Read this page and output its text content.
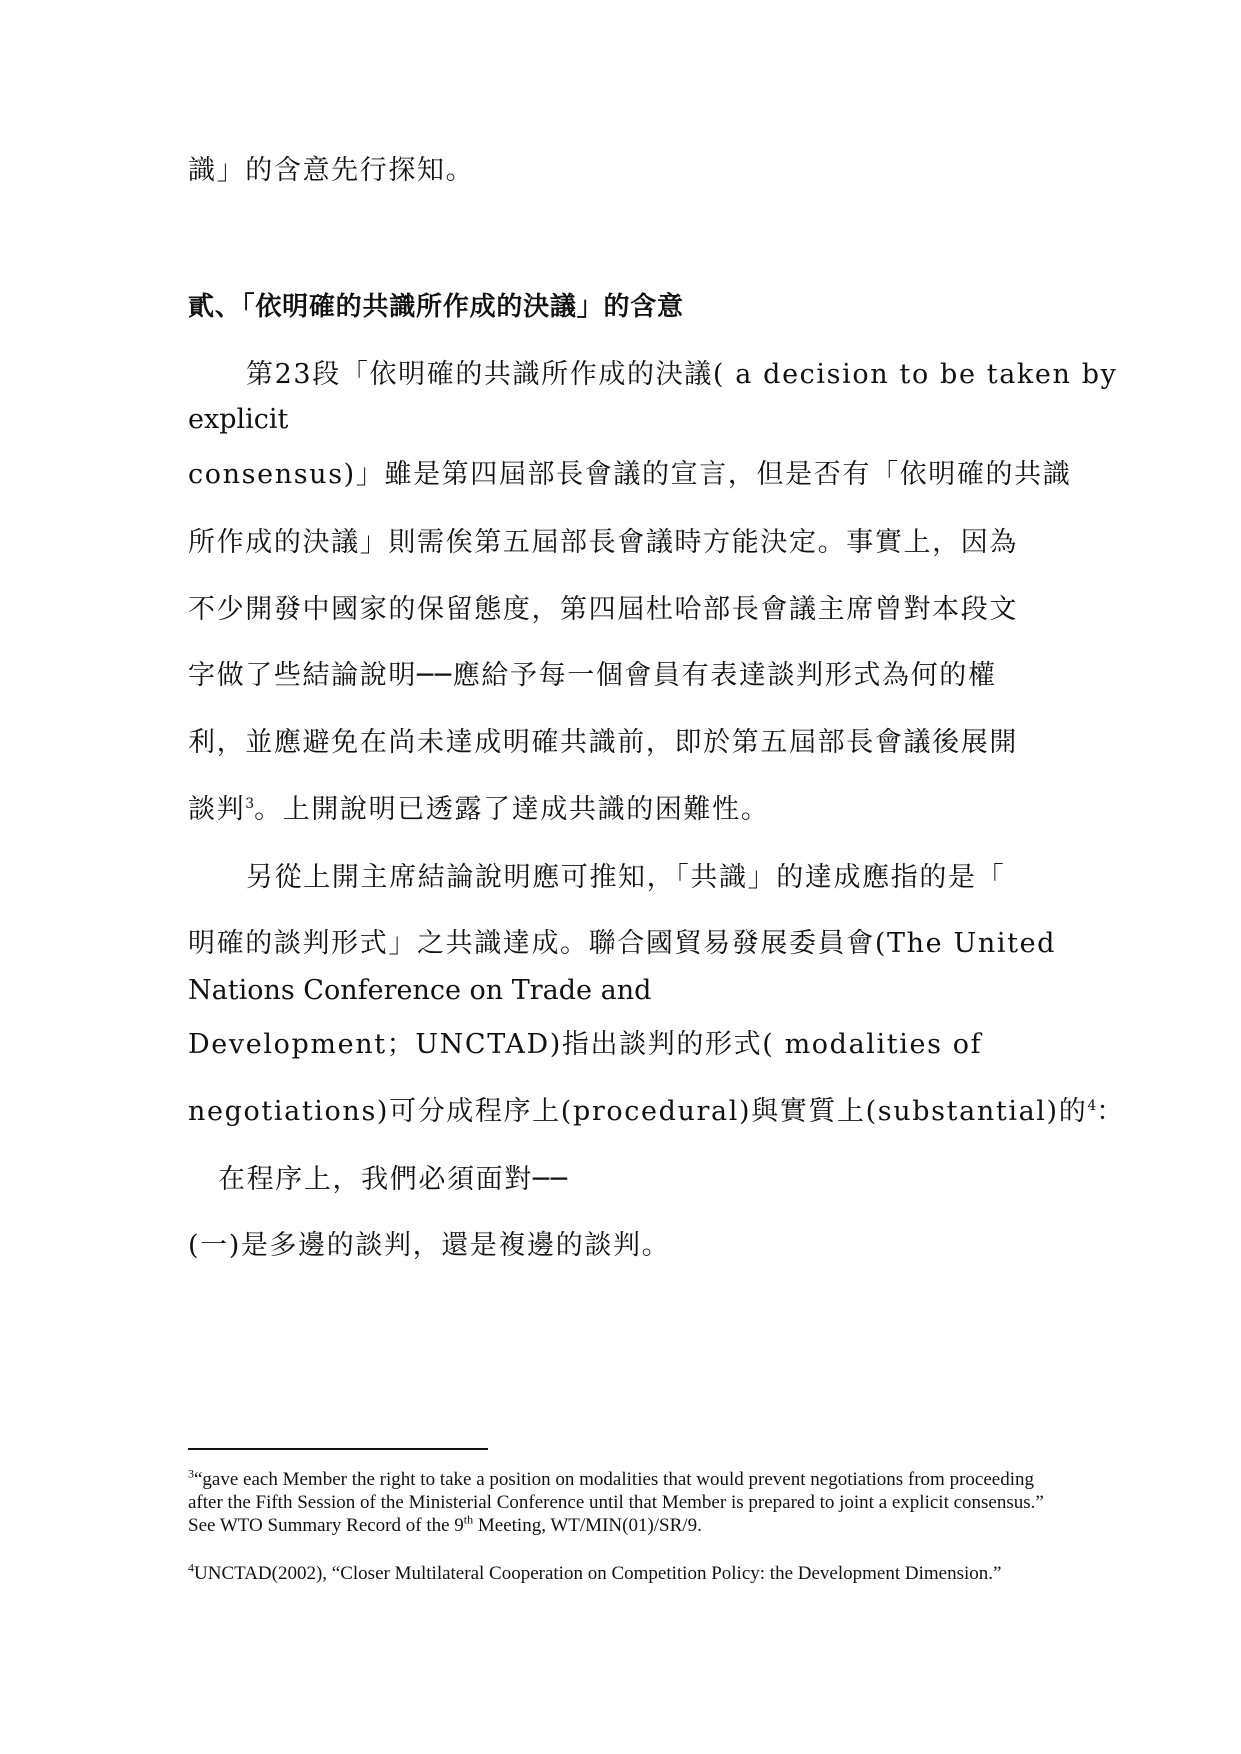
識」的含意先行探知。
貳、「依明確的共識所作成的決議」的含意
第23段「依明確的共識所作成的決議( a decision to be taken by
explicit
consensus)」雖是第四屆部長會議的宣言，但是否有「依明確的共識
所作成的決議」則需俟第五屆部長會議時方能決定。事實上，因為
不少開發中國家的保留態度，第四屆杜哈部長會議主席曾對本段文
字做了些結論說明──應給予每一個會員有表達談判形式為何的權
利，並應避免在尚未達成明確共識前，即於第五屆部長會議後展開
談判$^3$。上開說明已透露了達成共識的困難性。
另從上開主席結論說明應可推知，「共識」的達成應指的是「
明確的談判形式」之共識達成。聯合國貿易發展委員會(The United
Nations Conference on Trade and
Development；UNCTAD)指出談判的形式( modalities of
negotiations)可分成程序上(procedural)與實質上(substantial)的$^4$：
在程序上，我們必須面對──
(一)是多邊的談判，還是複邊的談判。
$^3$“gave each Member the right to take a position on modalities that would prevent negotiations from proceeding after the Fifth Session of the Ministerial Conference until that Member is prepared to joint a explicit consensus.” See WTO Summary Record of the 9th Meeting, WT/MIN(01)/SR/9.
$^4$UNCTAD(2002), “Closer Multilateral Cooperation on Competition Policy: the Development Dimension.”
